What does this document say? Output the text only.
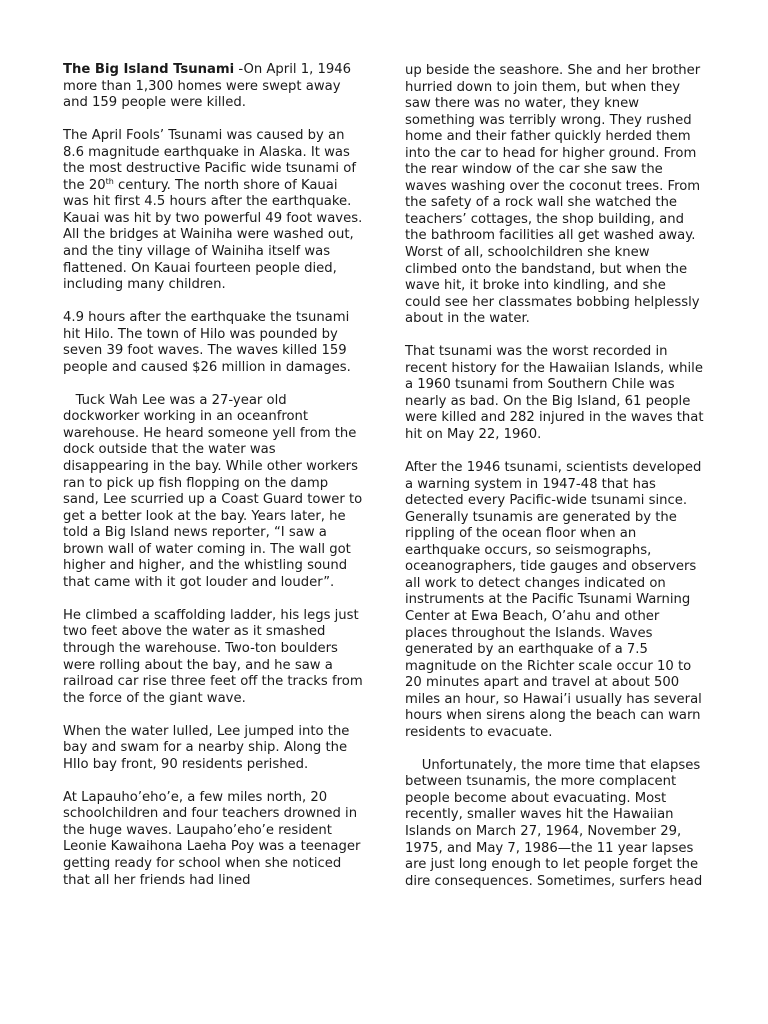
The Big Island Tsunami -On April 1, 1946 more than 1,300 homes were swept away and 159 people were killed.

The April Fools’ Tsunami was caused by an 8.6 magnitude earthquake in Alaska. It was the most destructive Pacific wide tsunami of the 20th century. The north shore of Kauai was hit first 4.5 hours after the earthquake. Kauai was hit by two powerful 49 foot waves. All the bridges at Wainiha were washed out, and the tiny village of Wainiha itself was flattened. On Kauai fourteen people died, including many children.

4.9 hours after the earthquake the tsunami hit Hilo. The town of Hilo was pounded by seven 39 foot waves. The waves killed 159 people and caused $26 million in damages.

Tuck Wah Lee was a 27-year old dockworker working in an oceanfront warehouse. He heard someone yell from the dock outside that the water was disappearing in the bay. While other workers ran to pick up fish flopping on the damp sand, Lee scurried up a Coast Guard tower to get a better look at the bay. Years later, he told a Big Island news reporter, “I saw a brown wall of water coming in. The wall got higher and higher, and the whistling sound that came with it got louder and louder”.

He climbed a scaffolding ladder, his legs just two feet above the water as it smashed through the warehouse. Two-ton boulders were rolling about the bay, and he saw a railroad car rise three feet off the tracks from the force of the giant wave.

When the water lulled, Lee jumped into the bay and swam for a nearby ship. Along the HIlo bay front, 90 residents perished.

At Lapauho’eho’e, a few miles north, 20 schoolchildren and four teachers drowned in the huge waves. Laupaho’eho’e resident Leonie Kawaihona Laeha Poy was a teenager getting ready for school when she noticed that all her friends had lined

up beside the seashore. She and her brother hurried down to join them, but when they saw there was no water, they knew something was terribly wrong. They rushed home and their father quickly herded them into the car to head for higher ground. From the rear window of the car she saw the waves washing over the coconut trees. From the safety of a rock wall she watched the teachers’ cottages, the shop building, and the bathroom facilities all get washed away. Worst of all, schoolchildren she knew climbed onto the bandstand, but when the wave hit, it broke into kindling, and she could see her classmates bobbing helplessly about in the water.

That tsunami was the worst recorded in recent history for the Hawaiian Islands, while a 1960 tsunami from Southern Chile was nearly as bad. On the Big Island, 61 people were killed and 282 injured in the waves that hit on May 22, 1960.

After the 1946 tsunami, scientists developed a warning system in 1947-48 that has detected every Pacific-wide tsunami since. Generally tsunamis are generated by the rippling of the ocean floor when an earthquake occurs, so seismographs, oceanographers, tide gauges and observers all work to detect changes indicated on instruments at the Pacific Tsunami Warning Center at Ewa Beach, O’ahu and other places throughout the Islands. Waves generated by an earthquake of a 7.5 magnitude on the Richter scale occur 10 to 20 minutes apart and travel at about 500 miles an hour, so Hawai’i usually has several hours when sirens along the beach can warn residents to evacuate.

Unfortunately, the more time that elapses between tsunamis, the more complacent people become about evacuating. Most recently, smaller waves hit the Hawaiian Islands on March 27, 1964, November 29, 1975, and May 7, 1986—the 11 year lapses are just long enough to let people forget the dire consequences. Sometimes, surfers head
